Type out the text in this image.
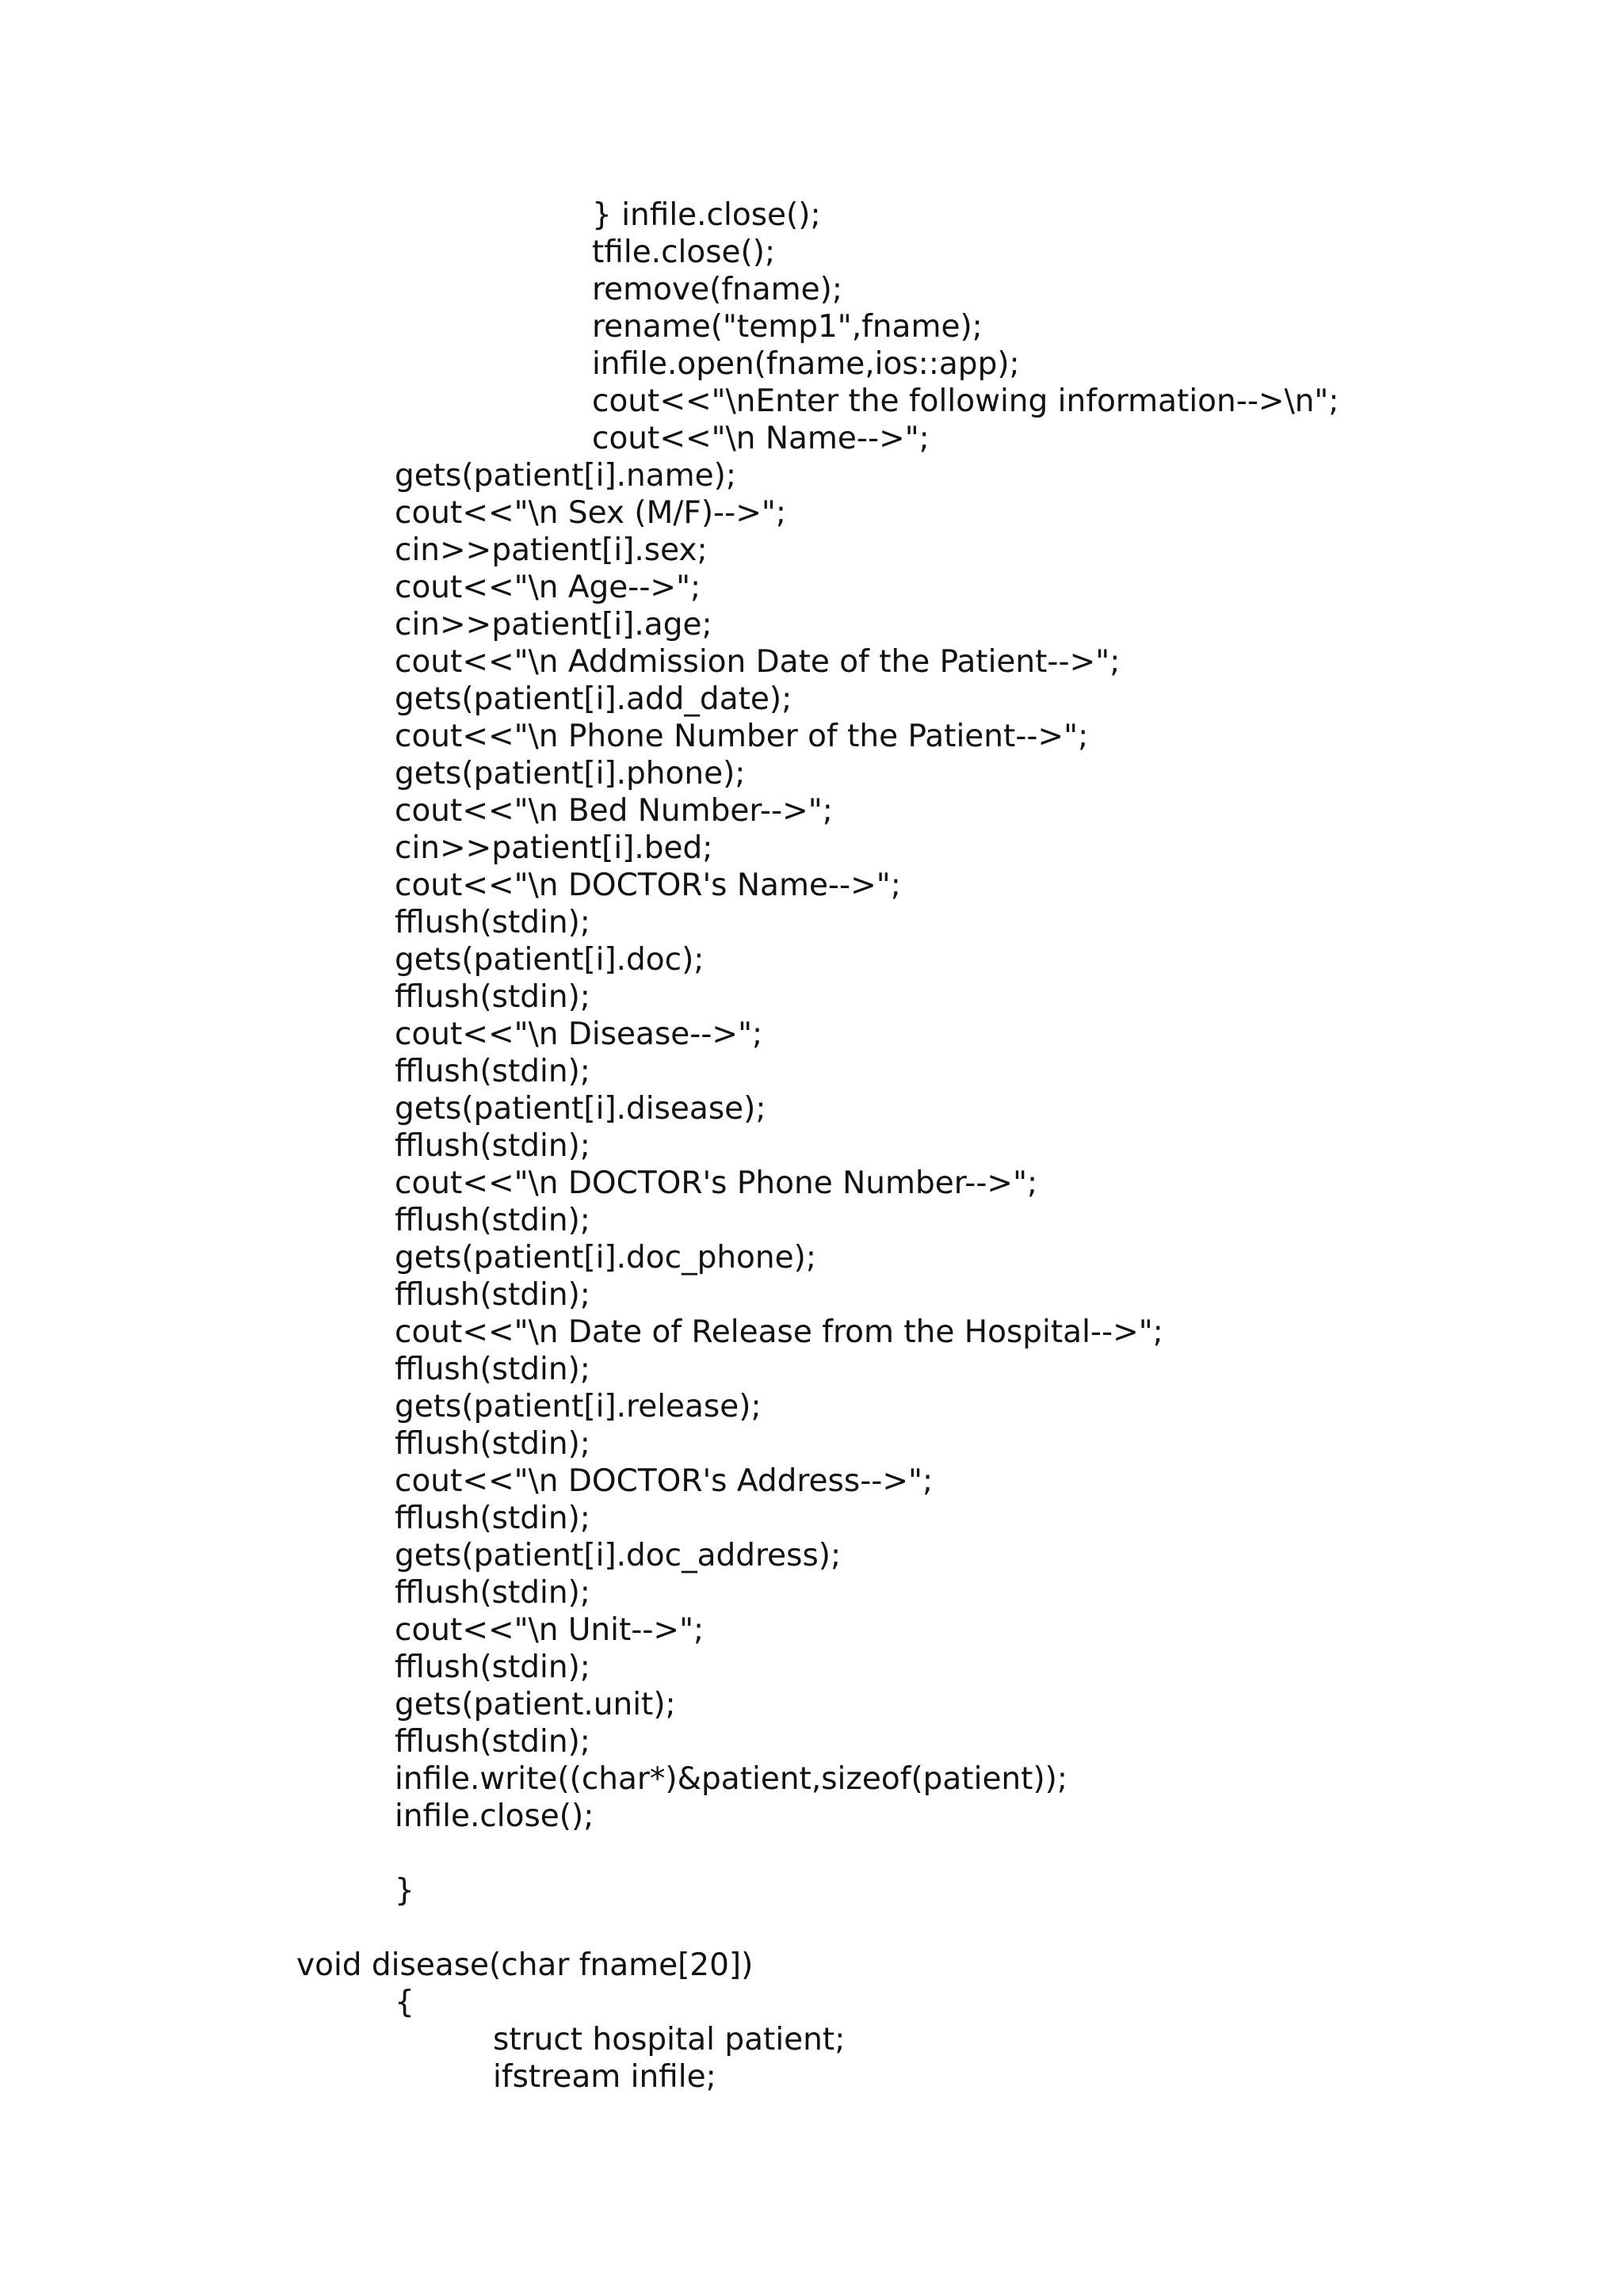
} infile.close();
tfile.close();
remove(fname);
rename("temp1",fname);
infile.open(fname,ios::app);
cout<<"\nEnter the following information-->\n";
cout<<"\n Name-->";
gets(patient[i].name);
cout<<"\n Sex (M/F)-->";
cin>>patient[i].sex;
cout<<"\n Age-->";
cin>>patient[i].age;
cout<<"\n Addmission Date of the Patient-->";
gets(patient[i].add_date);
cout<<"\n Phone Number of the Patient-->";
gets(patient[i].phone);
cout<<"\n Bed Number-->";
cin>>patient[i].bed;
cout<<"\n DOCTOR's Name-->";
fflush(stdin);
gets(patient[i].doc);
fflush(stdin);
cout<<"\n Disease-->";
fflush(stdin);
gets(patient[i].disease);
fflush(stdin);
cout<<"\n DOCTOR's Phone Number-->";
fflush(stdin);
gets(patient[i].doc_phone);
fflush(stdin);
cout<<"\n Date of Release from the Hospital-->";
fflush(stdin);
gets(patient[i].release);
fflush(stdin);
cout<<"\n DOCTOR's Address-->";
fflush(stdin);
gets(patient[i].doc_address);
fflush(stdin);
cout<<"\n Unit-->";
fflush(stdin);
gets(patient.unit);
fflush(stdin);
infile.write((char*)&patient,sizeof(patient));
infile.close();
}
void disease(char fname[20])
{
struct hospital patient;
ifstream infile;
